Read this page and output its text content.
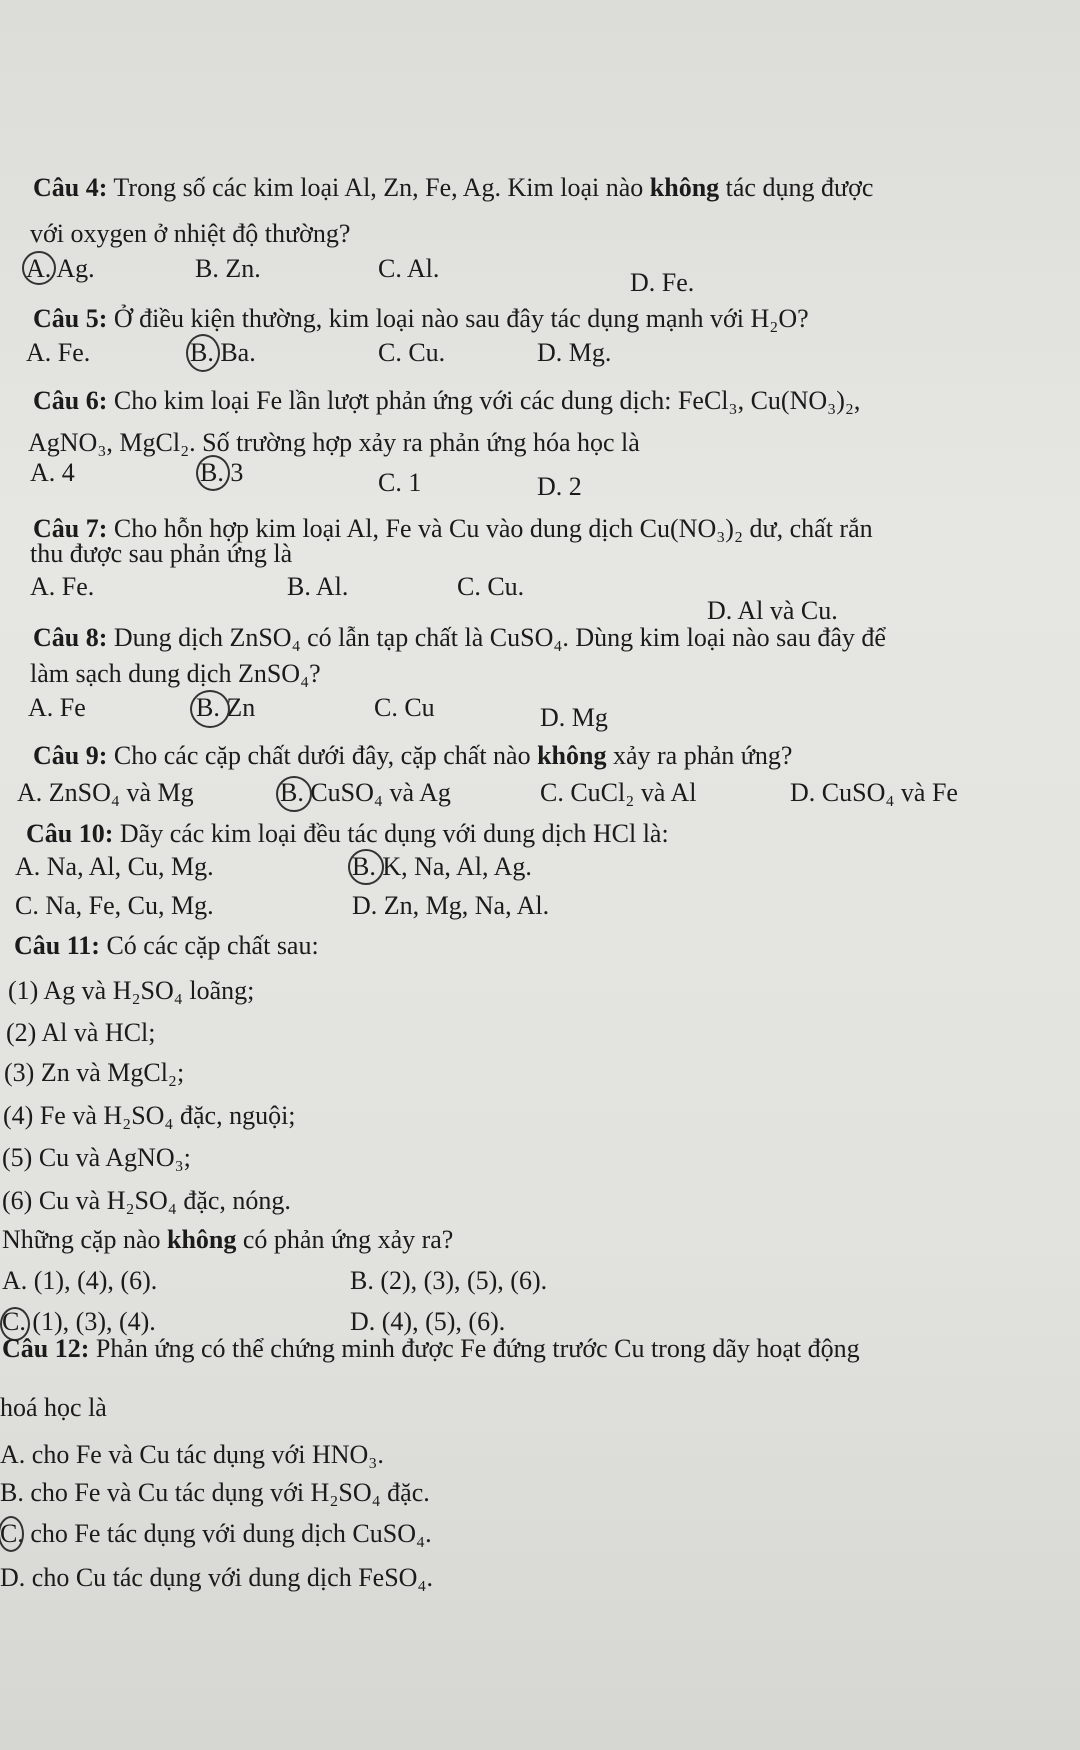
Câu 4: Trong số các kim loại Al, Zn, Fe, Ag. Kim loại nào không tác dụng được
với oxygen ở nhiệt độ thường?
A. Ag.	B. Zn.	C. Al.	D. Fe.
Câu 5: Ở điều kiện thường, kim loại nào sau đây tác dụng mạnh với H₂O?
A. Fe.	B. Ba.	C. Cu.	D. Mg.
Câu 6: Cho kim loại Fe lần lượt phản ứng với các dung dịch: FeCl₃, Cu(NO₃)₂,
AgNO₃, MgCl₂. Số trường hợp xảy ra phản ứng hóa học là
A. 4	B. 3	C. 1	D. 2
Câu 7: Cho hỗn hợp kim loại Al, Fe và Cu vào dung dịch Cu(NO₃)₂ dư, chất rắn
thu được sau phản ứng là
A. Fe.	B. Al.	C. Cu.
D. Al và Cu.
Câu 8: Dung dịch ZnSO₄ có lẫn tạp chất là CuSO₄. Dùng kim loại nào sau đây để
làm sạch dung dịch ZnSO₄?
A. Fe	B. Zn	C. Cu	D. Mg
Câu 9: Cho các cặp chất dưới đây, cặp chất nào không xảy ra phản ứng?
A. ZnSO₄ và Mg	B. CuSO₄ và Ag	C. CuCl₂ và Al	D. CuSO₄ và Fe
Câu 10: Dãy các kim loại đều tác dụng với dung dịch HCl là:
A. Na, Al, Cu, Mg.	B. K, Na, Al, Ag.
C. Na, Fe, Cu, Mg.	D. Zn, Mg, Na, Al.
Câu 11: Có các cặp chất sau:
(1) Ag và H₂SO₄ loãng;
(2) Al và HCl;
(3) Zn và MgCl₂;
(4) Fe và H₂SO₄ đặc, nguội;
(5) Cu và AgNO₃;
(6) Cu và H₂SO₄ đặc, nóng.
Những cặp nào không có phản ứng xảy ra?
A. (1), (4), (6).	B. (2), (3), (5), (6).
C. (1), (3), (4).	D. (4), (5), (6).
Câu 12: Phản ứng có thể chứng minh được Fe đứng trước Cu trong dãy hoạt động
hoá học là
A. cho Fe và Cu tác dụng với HNO₃.
B. cho Fe và Cu tác dụng với H₂SO₄ đặc.
C. cho Fe tác dụng với dung dịch CuSO₄.
D. cho Cu tác dụng với dung dịch FeSO₄.
